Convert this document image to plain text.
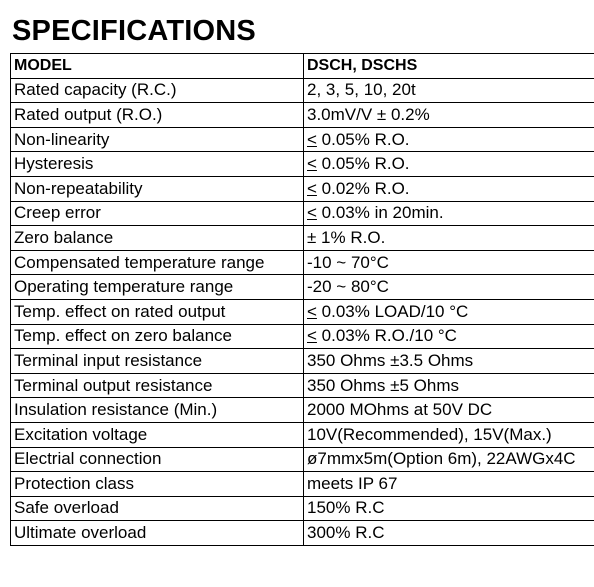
SPECIFICATIONS
MODEL	DSCH, DSCHS
Rated capacity (R.C.)	2, 3, 5, 10, 20t
Rated output (R.O.)	3.0mV/V ± 0.2%
Non-linearity	≤ 0.05% R.O.
Hysteresis	≤ 0.05% R.O.
Non-repeatability	≤ 0.02% R.O.
Creep error	≤ 0.03% in 20min.
Zero balance	± 1% R.O.
Compensated temperature range	-10 ~ 70°C
Operating temperature range	-20 ~ 80°C
Temp. effect on rated output	< 0.03% LOAD/10 °C
Temp. effect on zero balance	< 0.03% R.O./10 °C
Terminal input resistance	350 Ohms ±3.5 Ohms
Terminal output resistance	350 Ohms ±5 Ohms
Insulation resistance (Min.)	2000 MOhms at 50V DC
Excitation voltage	10V(Recommended), 15V(Max.)
Electrial connection	ø7mmx5m(Option 6m), 22AWGx4C
Protection class	meets IP 67
Safe overload	150% R.C
Ultimate overload	300% R.C
